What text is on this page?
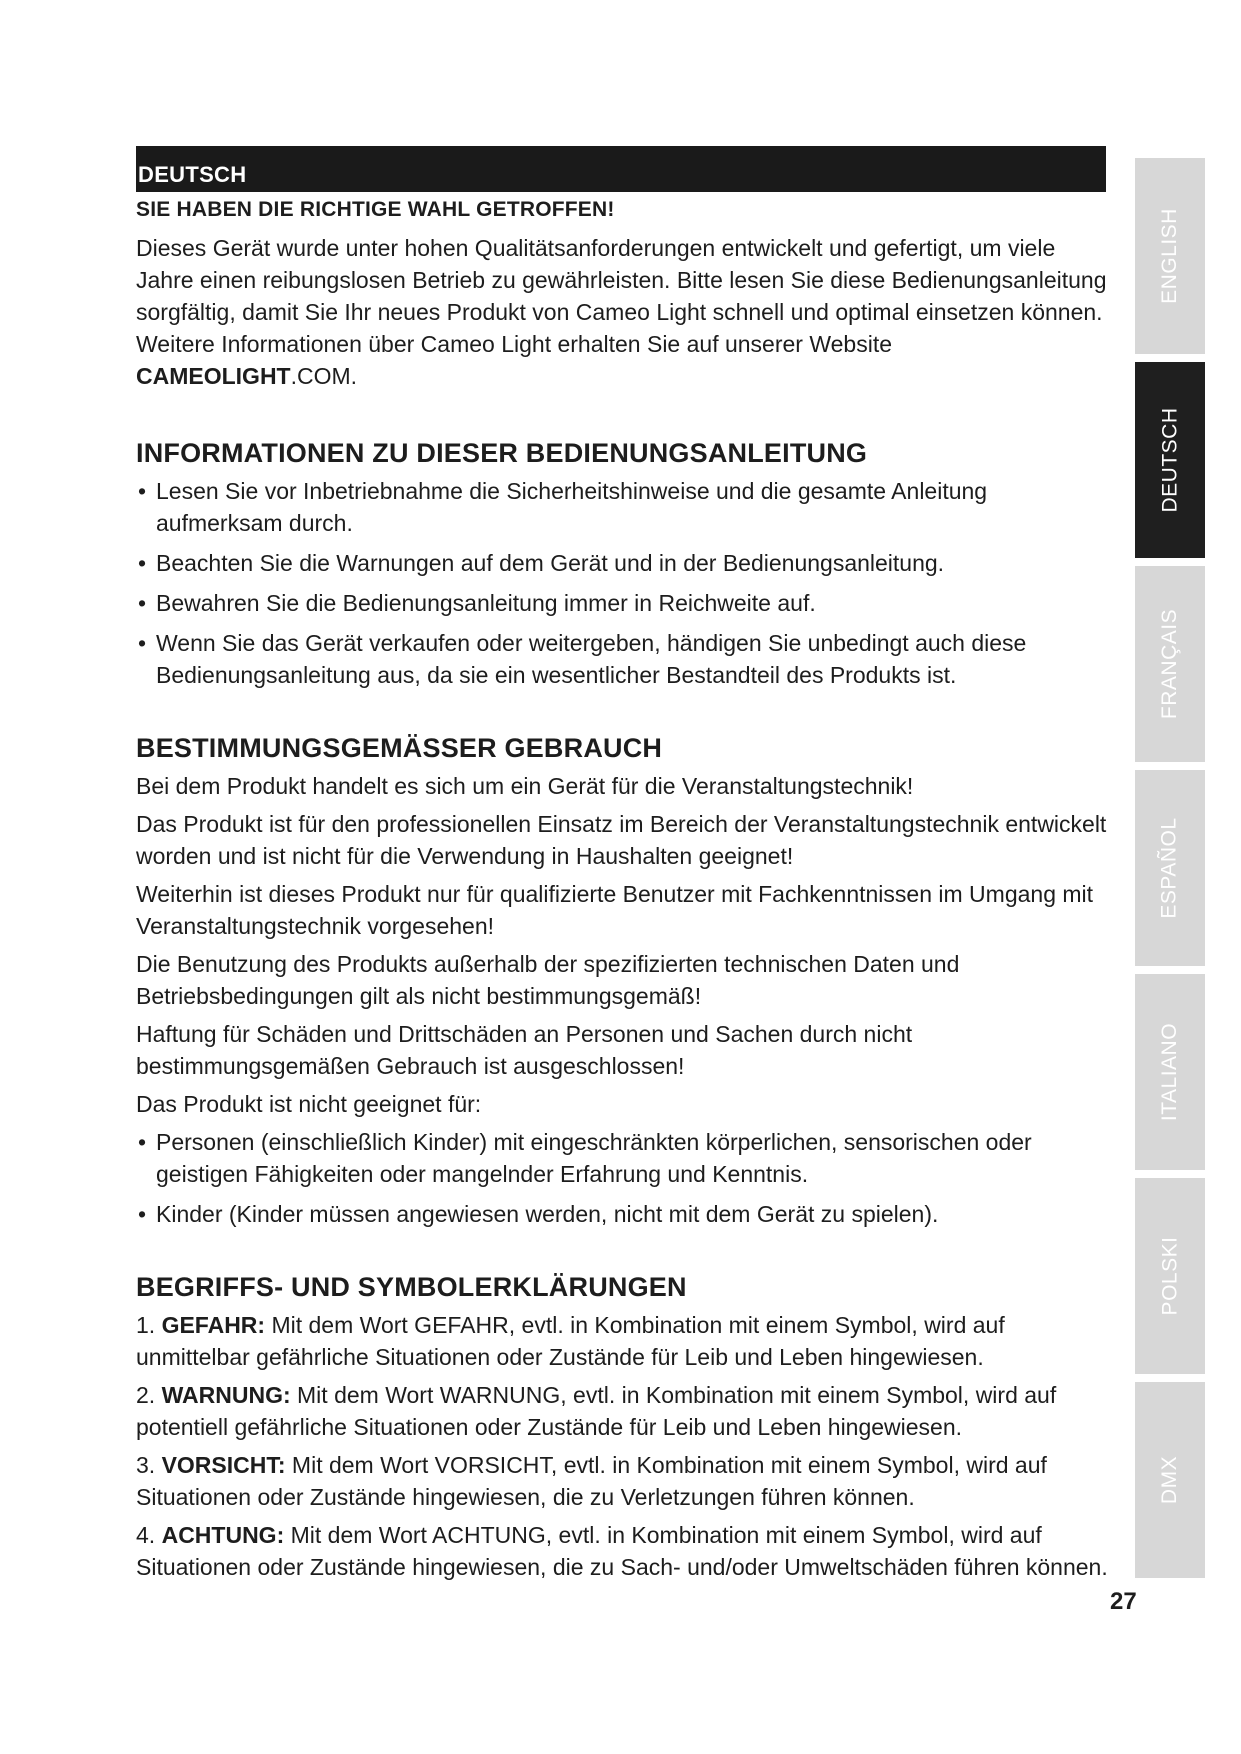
DEUTSCH
SIE HABEN DIE RICHTIGE WAHL GETROFFEN!

Dieses Gerät wurde unter hohen Qualitätsanforderungen entwickelt und gefertigt, um viele Jahre einen reibungslosen Betrieb zu gewährleisten. Bitte lesen Sie diese Bedienungsanleitung sorgfältig, damit Sie Ihr neues Produkt von Cameo Light schnell und optimal einsetzen können. Weitere Informationen über Cameo Light erhalten Sie auf unserer Website CAMEOLIGHT.COM.

INFORMATIONEN ZU DIESER BEDIENUNGSANLEITUNG
• Lesen Sie vor Inbetriebnahme die Sicherheitshinweise und die gesamte Anleitung aufmerksam durch.
• Beachten Sie die Warnungen auf dem Gerät und in der Bedienungsanleitung.
• Bewahren Sie die Bedienungsanleitung immer in Reichweite auf.
• Wenn Sie das Gerät verkaufen oder weitergeben, händigen Sie unbedingt auch diese Bedienungsanleitung aus, da sie ein wesentlicher Bestandteil des Produkts ist.
BESTIMMUNGSGEMÄSSER GEBRAUCH

Bei dem Produkt handelt es sich um ein Gerät für die Veranstaltungstechnik!

Das Produkt ist für den professionellen Einsatz im Bereich der Veranstaltungstechnik entwickelt worden und ist nicht für die Verwendung in Haushalten geeignet!

Weiterhin ist dieses Produkt nur für qualifizierte Benutzer mit Fachkenntnissen im Umgang mit Veranstaltungstechnik vorgesehen!

Die Benutzung des Produkts außerhalb der spezifizierten technischen Daten und Betriebsbedingungen gilt als nicht bestimmungsgemäß!

Haftung für Schäden und Drittschäden an Personen und Sachen durch nicht bestimmungsgemäßen Gebrauch ist ausgeschlossen!

Das Produkt ist nicht geeignet für:

• Personen (einschließlich Kinder) mit eingeschränkten körperlichen, sensorischen oder geistigen Fähigkeiten oder mangelnder Erfahrung und Kenntnis.
• Kinder (Kinder müssen angewiesen werden, nicht mit dem Gerät zu spielen).
BEGRIFFS- UND SYMBOLERKLÄRUNGEN

1. GEFAHR: Mit dem Wort GEFAHR, evtl. in Kombination mit einem Symbol, wird auf unmittelbar gefährliche Situationen oder Zustände für Leib und Leben hingewiesen.

2. WARNUNG: Mit dem Wort WARNUNG, evtl. in Kombination mit einem Symbol, wird auf potentiell gefährliche Situationen oder Zustände für Leib und Leben hingewiesen.

3. VORSICHT: Mit dem Wort VORSICHT, evtl. in Kombination mit einem Symbol, wird auf Situationen oder Zustände hingewiesen, die zu Verletzungen führen können.

4. ACHTUNG: Mit dem Wort ACHTUNG, evtl. in Kombination mit einem Symbol, wird auf Situationen oder Zustände hingewiesen, die zu Sach- und/oder Umweltschäden führen können.

ENGLISH
DEUTSCH
FRANÇAIS
ESPAÑOL
ITALIANO
POLSKI
DMX
27
